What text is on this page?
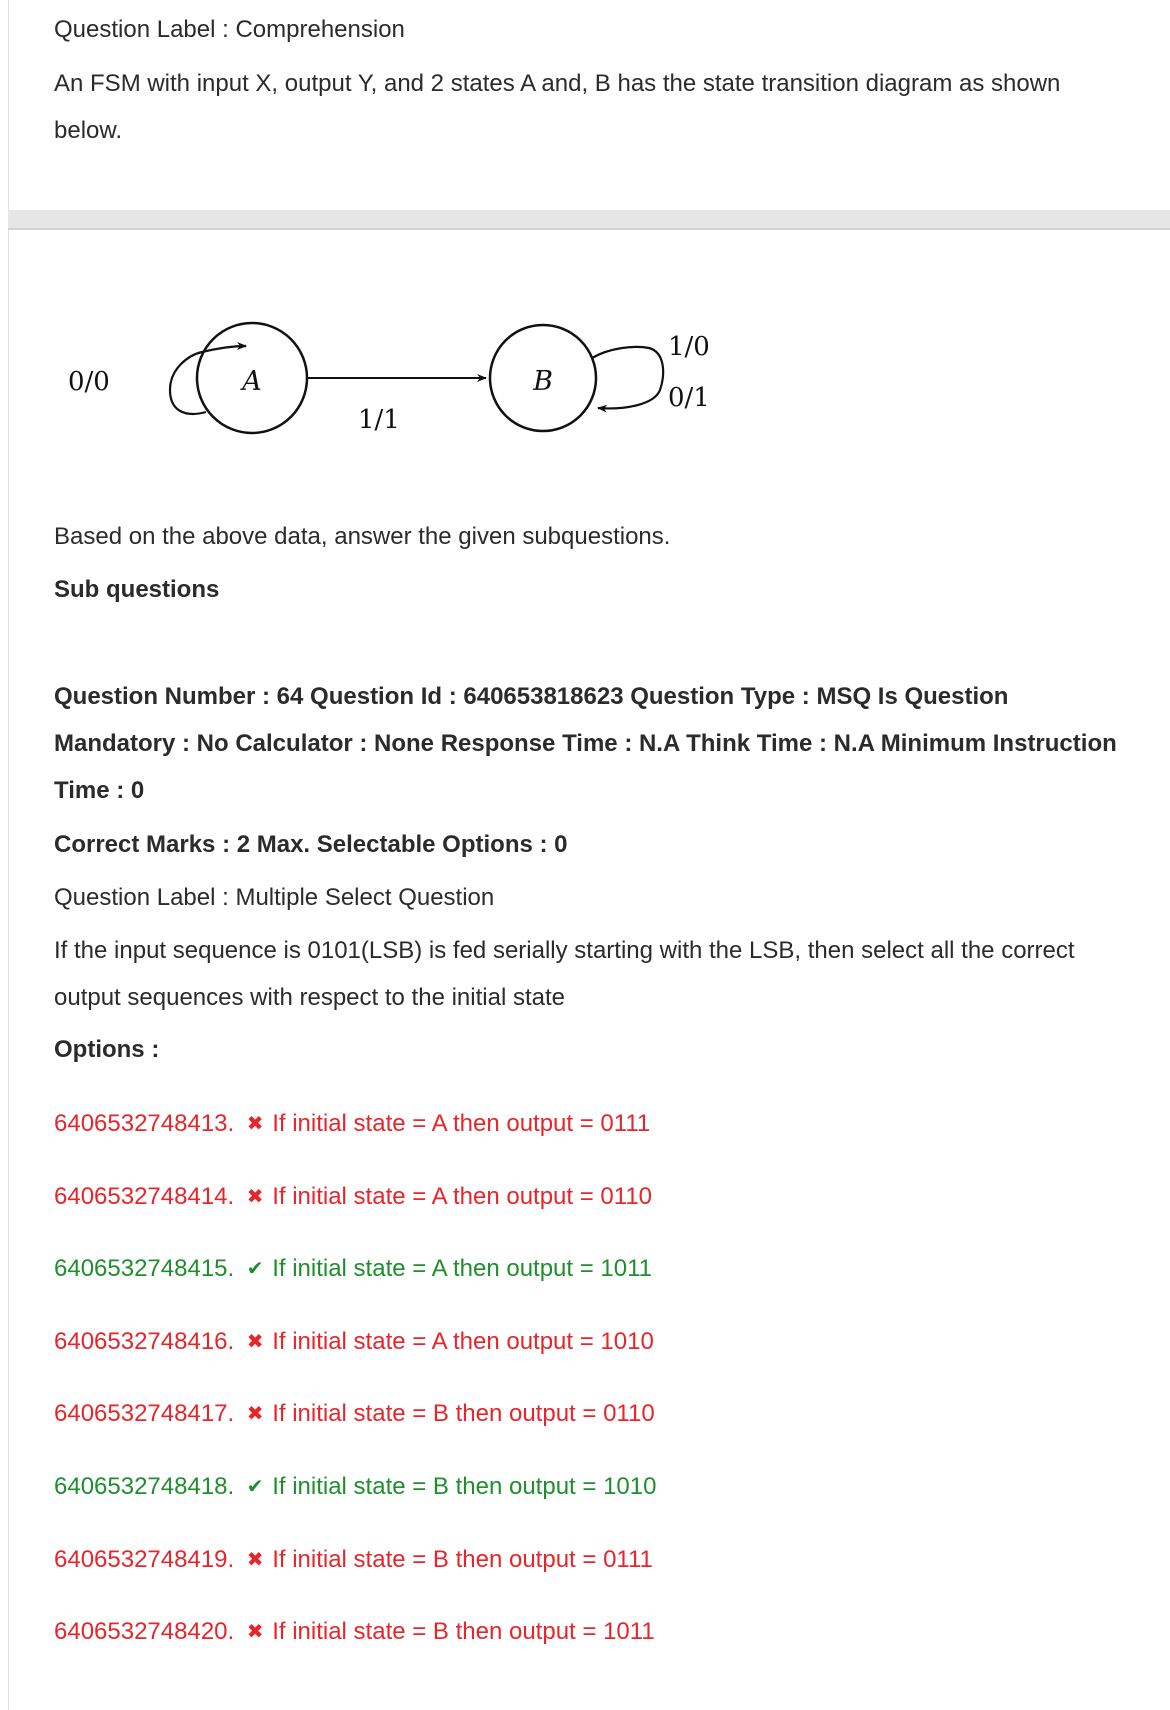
Question Label : Comprehension
An FSM with input X, output Y, and 2 states A and, B has the state transition diagram as shown
below.
A
0/0
1/1
B
1/0
0/1
Based on the above data, answer the given subquestions.
Sub questions
Question Number : 64 Question Id : 640653818623 Question Type : MSQ Is Question
Mandatory : No Calculator : None Response Time : N.A Think Time : N.A Minimum Instruction
Time : 0
Correct Marks : 2 Max. Selectable Options : 0
Question Label : Multiple Select Question
If the input sequence is 0101(LSB) is fed serially starting with the LSB, then select all the correct
output sequences with respect to the initial state
Options :
6406532748413. ✖ If initial state = A then output = 0111
6406532748414. ✖ If initial state = A then output = 0110
6406532748415. ✔ If initial state = A then output = 1011
6406532748416. ✖ If initial state = A then output = 1010
6406532748417. ✖ If initial state = B then output = 0110
6406532748418. ✔ If initial state = B then output = 1010
6406532748419. ✖ If initial state = B then output = 0111
6406532748420. ✖ If initial state = B then output = 1011
